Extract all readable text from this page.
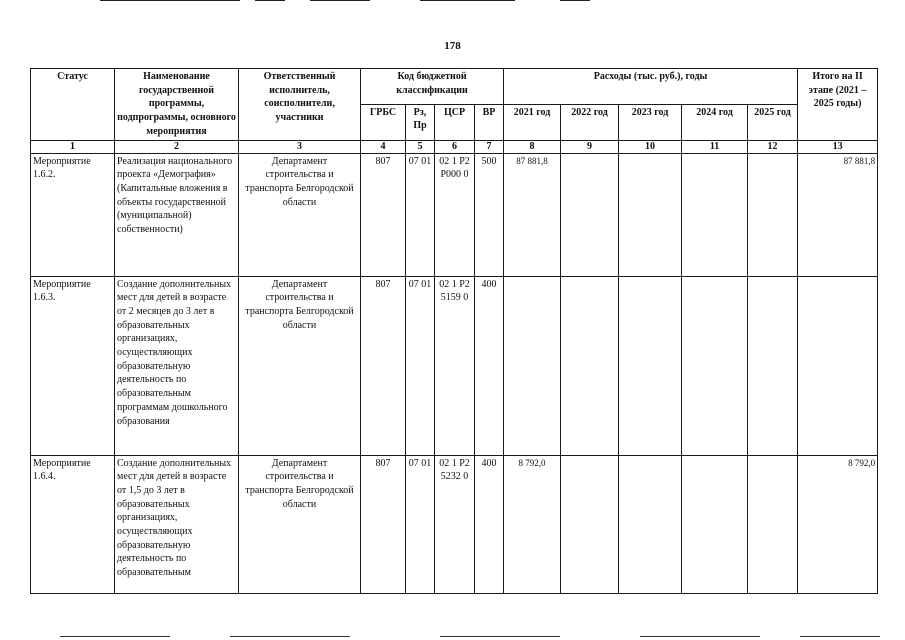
178
Статус	Наименование государственной программы, подпрограммы, основного мероприятия	Ответственный исполнитель, соисполнители, участники	Код бюджетной классификации				Расходы (тыс. руб.), годы					Итого на II этапе (2021 – 2025 годы)
			ГРБС	Рз, Пр	ЦСР	ВР	2021 год	2022 год	2023 год	2024 год	2025 год	
1	2	3	4	5	6	7	8	9	10	11	12	13
Мероприятие 1.6.2.	Реализация национального проекта «Демография» (Капитальные вложения в объекты государственной (муниципальной) собственности)	Департамент строительства и транспорта Белгородской области	807	07 01	02 1 Р2 Р000 0	500	87 881,8					87 881,8
Мероприятие 1.6.3.	Создание дополнительных мест для детей в возрасте от 2 месяцев до 3 лет в образовательных организациях, осуществляющих образовательную деятельность по образовательным программам дошкольного образования	Департамент строительства и транспорта Белгородской области	807	07 01	02 1 Р2 5159 0	400						
Мероприятие 1.6.4.	Создание дополнительных мест для детей в возрасте от 1,5 до 3 лет в образовательных организациях, осуществляющих образовательную деятельность по образовательным	Департамент строительства и транспорта Белгородской области	807	07 01	02 1 Р2 5232 0	400	8 792,0					8 792,0
